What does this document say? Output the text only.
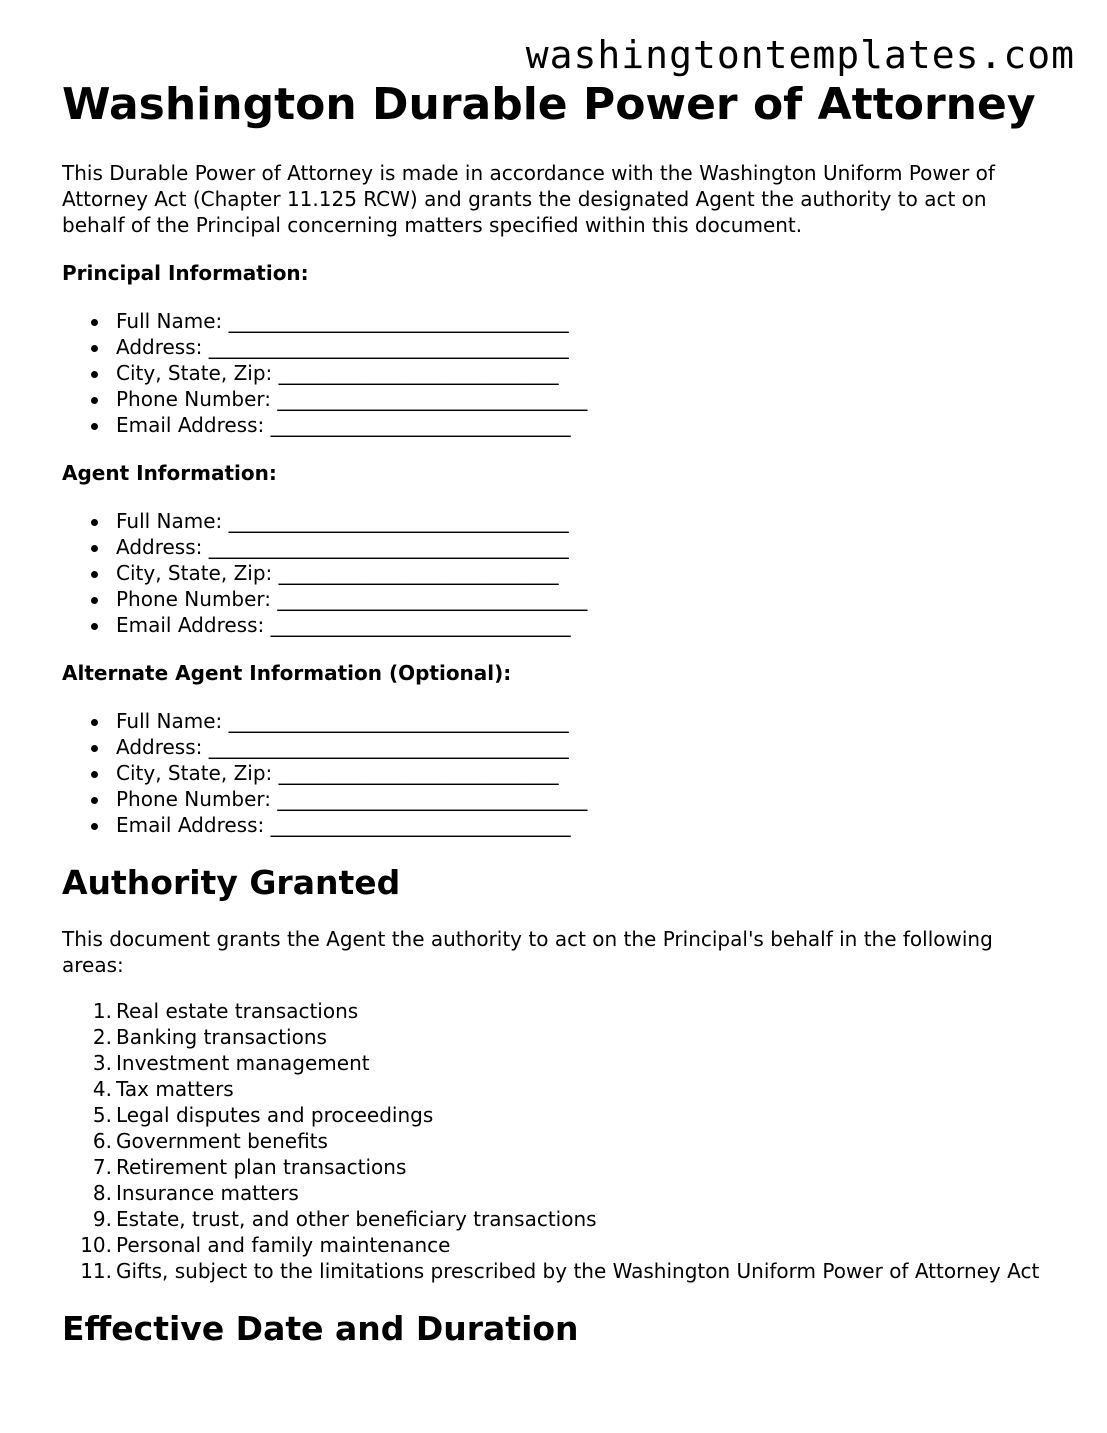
washingtontemplates.com
Washington Durable Power of Attorney

This Durable Power of Attorney is made in accordance with the Washington Uniform Power of Attorney Act (Chapter 11.125 RCW) and grants the designated Agent the authority to act on behalf of the Principal concerning matters specified within this document.

Principal Information:

Full Name: __________________________________
Address: ____________________________________
City, State, Zip: ____________________________
Phone Number: _______________________________
Email Address: ______________________________

Agent Information:

Full Name: __________________________________
Address: ____________________________________
City, State, Zip: ____________________________
Phone Number: _______________________________
Email Address: ______________________________

Alternate Agent Information (Optional):

Full Name: __________________________________
Address: ____________________________________
City, State, Zip: ____________________________
Phone Number: _______________________________
Email Address: ______________________________
Authority Granted

This document grants the Agent the authority to act on the Principal's behalf in the following areas:

1. Real estate transactions
2. Banking transactions
3. Investment management
4. Tax matters
5. Legal disputes and proceedings
6. Government benefits
7. Retirement plan transactions
8. Insurance matters
9. Estate, trust, and other beneficiary transactions
10. Personal and family maintenance
11. Gifts, subject to the limitations prescribed by the Washington Uniform Power of Attorney Act
Effective Date and Duration
